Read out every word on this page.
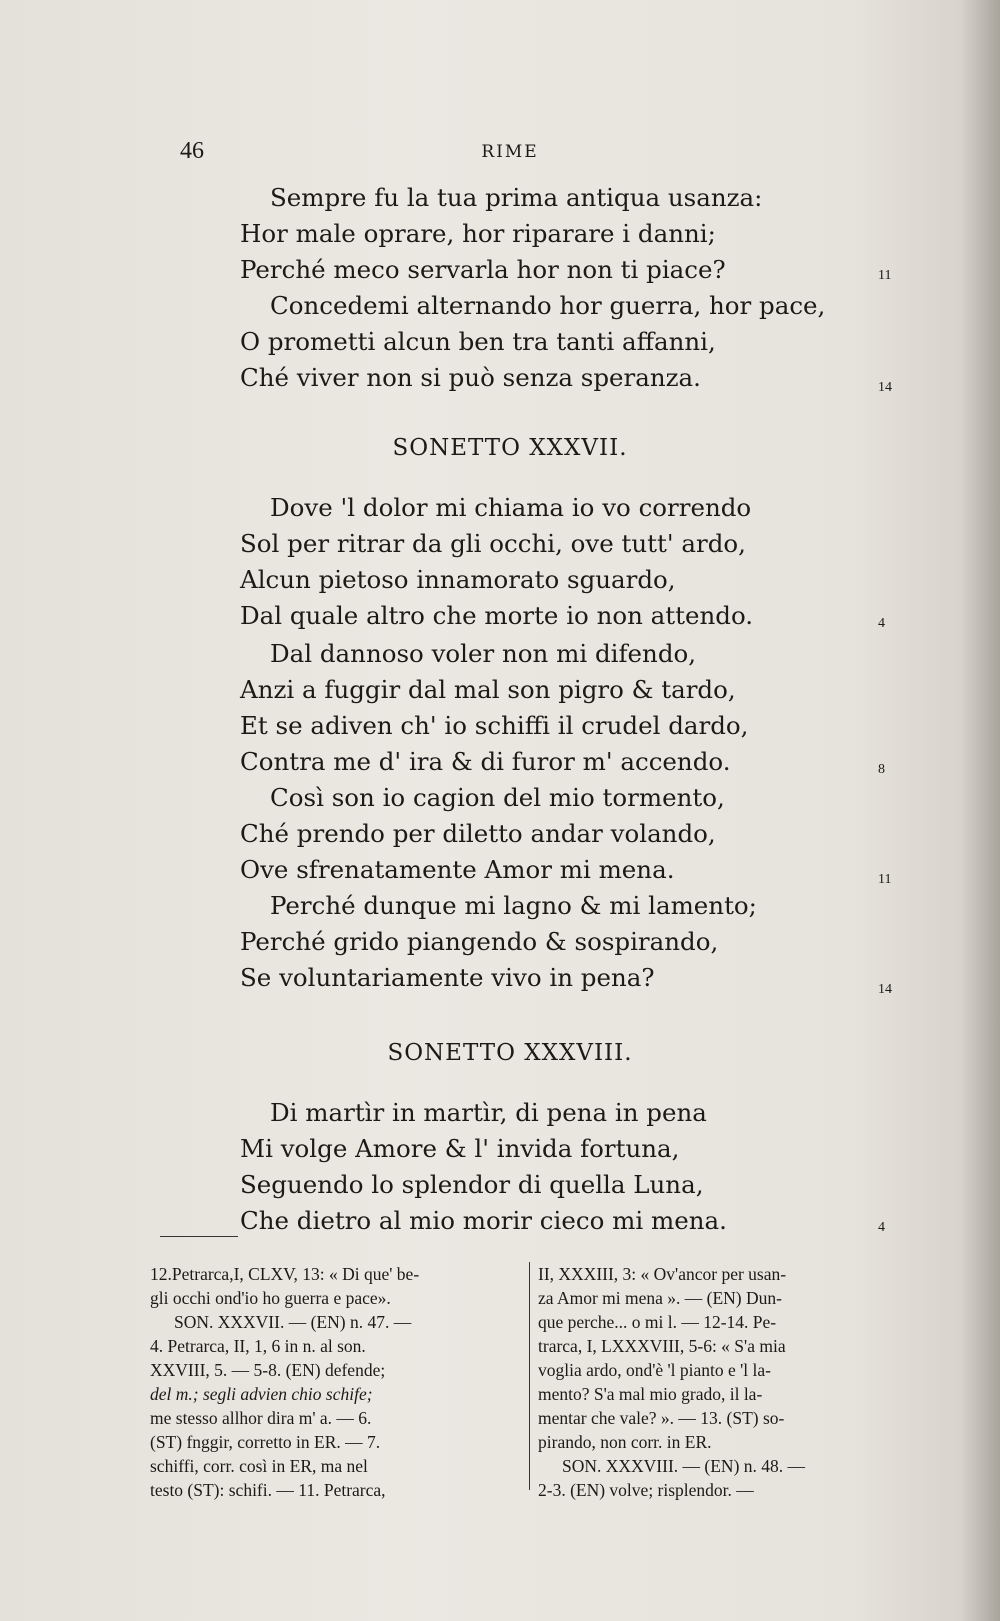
46	RIME
Sempre fu la tua prima antiqua usanza:
Hor male oprare, hor riparare i danni;
Perché meco servarla hor non ti piace?	11
Concedemi alternando hor guerra, hor pace,
O prometti alcun ben tra tanti affanni,
Ché viver non si può senza speranza.	14
SONETTO XXXVII.
Dove 'l dolor mi chiama io vo correndo
Sol per ritrar da gli occhi, ove tutt' ardo,
Alcun pietoso innamorato sguardo,
Dal quale altro che morte io non attendo.	4
Dal dannoso voler non mi difendo,
Anzi a fuggir dal mal son pigro & tardo,
Et se adiven ch' io schiffi il crudel dardo,
Contra me d' ira & di furor m' accendo.	8
Così son io cagion del mio tormento,
Ché prendo per diletto andar volando,
Ove sfrenatamente Amor mi mena.	11
Perché dunque mi lagno & mi lamento;
Perché grido piangendo & sospirando,
Se voluntariamente vivo in pena?	14
SONETTO XXXVIII.
Di martìr in martìr, di pena in pena
Mi volge Amore & l' invida fortuna,
Seguendo lo splendor di quella Luna,
Che dietro al mio morir cieco mi mena.	4
12.Petrarca,I, CLXV, 13: « Di que' be-
gli occhi ond'io ho guerra e pace».
SON. XXXVII. — (EN) n. 47. —
4. Petrarca, II, 1, 6 in n. al son.
XXVIII, 5. — 5-8. (EN) defende;
del m.; segli advien chio schife;
me stesso allhor dira m' a. — 6.
(ST) fnggir, corretto in ER. — 7.
schiffi, corr. così in ER, ma nel
testo (ST): schifi. — 11. Petrarca,
II, XXXIII, 3: « Ov'ancor per usan-
za Amor mi mena ». — (EN) Dun-
que perche... o mi l. — 12-14. Pe-
trarca, I, LXXXVIII, 5-6: « S'a mia
voglia ardo, ond'è 'l pianto e 'l la-
mento? S'a mal mio grado, il la-
mentar che vale? ». — 13. (ST) so-
pirando, non corr. in ER.
SON. XXXVIII. — (EN) n. 48. —
2-3. (EN) volve; risplendor. —
